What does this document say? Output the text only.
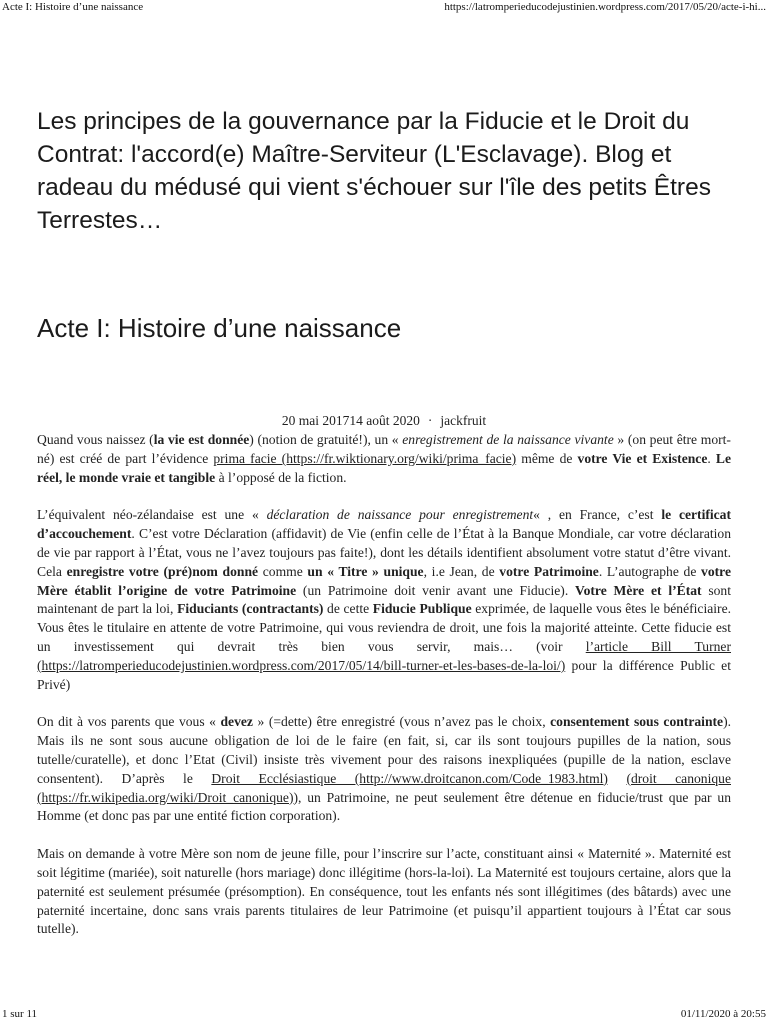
Acte I: Histoire d’une naissance	https://latromperieducodejustinien.wordpress.com/2017/05/20/acte-i-hi...
Les principes de la gouvernance par la Fiducie et le Droit du Contrat: l'accord(e) Maître-Serviteur (L'Esclavage). Blog et radeau du médusé qui vient s'échouer sur l'île des petits Êtres Terrestes…
Acte I: Histoire d’une naissance
20 mai 201714 août 2020 · jackfruit

Quand vous naissez (la vie est donnée) (notion de gratuité!), un « enregistrement de la naissance vivante » (on peut être mort-né) est créé de part l’évidence prima facie (https://fr.wiktionary.org/wiki/prima_facie) même de votre Vie et Existence. Le réel, le monde vraie et tangible à l’opposé de la fiction.

L’équivalent néo-zélandaise est une « déclaration de naissance pour enregistrement« , en France, c’est le certificat d’accouchement. C’est votre Déclaration (affidavit) de Vie (enfin celle de l’État à la Banque Mondiale, car votre déclaration de vie par rapport à l’État, vous ne l’avez toujours pas faite!), dont les détails identifient absolument votre statut d’être vivant. Cela enregistre votre (pré)nom donné comme un « Titre » unique, i.e Jean, de votre Patrimoine. L’autographe de votre Mère établit l’origine de votre Patrimoine (un Patrimoine doit venir avant une Fiducie). Votre Mère et l’État sont maintenant de part la loi, Fiduciants (contractants) de cette Fiducie Publique exprimée, de laquelle vous êtes le bénéficiaire. Vous êtes le titulaire en attente de votre Patrimoine, qui vous reviendra de droit, une fois la majorité atteinte. Cette fiducie est un investissement qui devrait très bien vous servir, mais… (voir l’article Bill Turner (https://latromperieducodejustinien.wordpress.com/2017/05/14/bill-turner-et-les-bases-de-la-loi/) pour la différence Public et Privé)

On dit à vos parents que vous « devez » (=dette) être enregistré (vous n’avez pas le choix, consentement sous contrainte). Mais ils ne sont sous aucune obligation de loi de le faire (en fait, si, car ils sont toujours pupilles de la nation, sous tutelle/curatelle), et donc l’Etat (Civil) insiste très vivement pour des raisons inexpliquées (pupille de la nation, esclave consentent). D’après le Droit Ecclésiastique (http://www.droitcanon.com/Code_1983.html) (droit canonique (https://fr.wikipedia.org/wiki/Droit_canonique)), un Patrimoine, ne peut seulement être détenue en fiducie/trust que par un Homme (et donc pas par une entité fiction corporation).

Mais on demande à votre Mère son nom de jeune fille, pour l’inscrire sur l’acte, constituant ainsi « Maternité ». Maternité est soit légitime (mariée), soit naturelle (hors mariage) donc illégitime (hors-la-loi). La Maternité est toujours certaine, alors que la paternité est seulement présumée (présomption). En conséquence, tout les enfants nés sont illégitimes (des bâtards) avec une paternité incertaine, donc sans vrais parents titulaires de leur Patrimoine (et puisqu’il appartient toujours à l’État car sous tutelle).

1 sur 11	01/11/2020 à 20:55
